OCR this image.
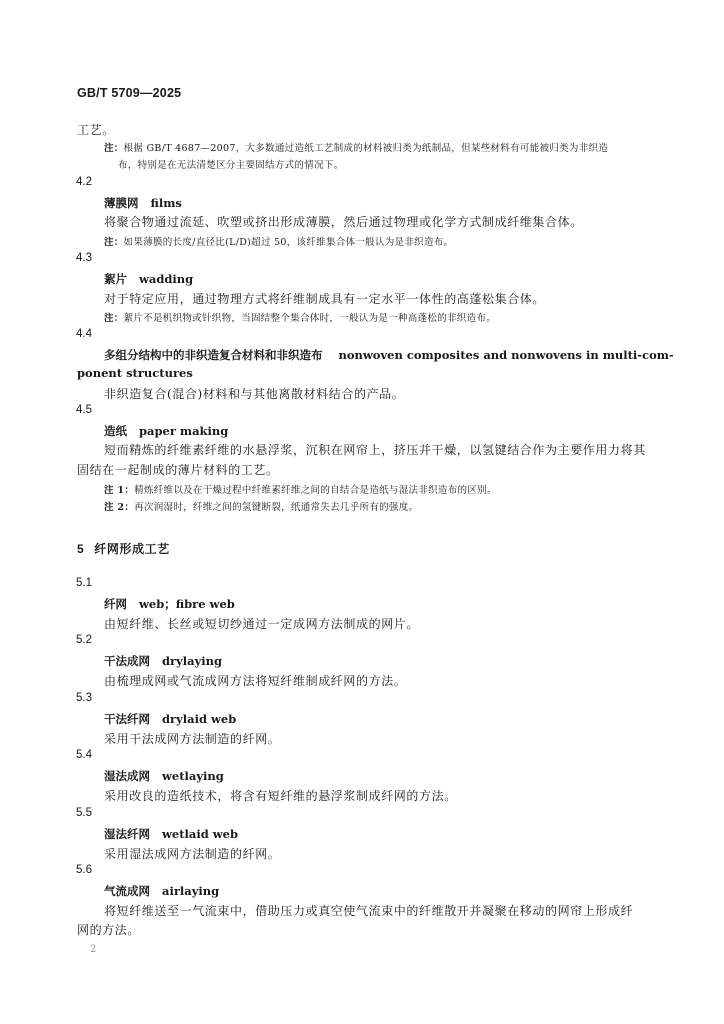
GB/T 5709—2025
工艺。
注：根据 GB/T 4687—2007，大多数通过造纸工艺制成的材料被归类为纸制品，但某些材料有可能被归类为非织造
布，特别是在无法清楚区分主要固结方式的情况下。
4.2
薄膜网 films
将聚合物通过流延、吹塑或挤出形成薄膜，然后通过物理或化学方式制成纤维集合体。
注：如果薄膜的长度/直径比(L/D)超过 50，该纤维集合体一般认为是非织造布。
4.3
絮片 wadding
对于特定应用，通过物理方式将纤维制成具有一定水平一体性的高蓬松集合体。
注：絮片不是机织物或针织物，当固结整个集合体时，一般认为是一种高蓬松的非织造布。
4.4
多组分结构中的非织造复合材料和非织造布 nonwoven composites and nonwovens in multi-com-
ponent structures
非织造复合(混合)材料和与其他离散材料结合的产品。
4.5
造纸 paper making
短而精炼的纤维素纤维的水悬浮浆，沉积在网帘上，挤压并干燥，以氢键结合作为主要作用力将其
固结在一起制成的薄片材料的工艺。
注 1：精炼纤维以及在干燥过程中纤维素纤维之间的自结合是造纸与湿法非织造布的区别。
注 2：再次润湿时，纤维之间的氢键断裂，纸通常失去几乎所有的强度。
5 纤网形成工艺
5.1
纤网 web；fibre web
由短纤维、长丝或短切纱通过一定成网方法制成的网片。
5.2
干法成网 drylaying
由梳理成网或气流成网方法将短纤维制成纤网的方法。
5.3
干法纤网 drylaid web
采用干法成网方法制造的纤网。
5.4
湿法成网 wetlaying
采用改良的造纸技术，将含有短纤维的悬浮浆制成纤网的方法。
5.5
湿法纤网 wetlaid web
采用湿法成网方法制造的纤网。
5.6
气流成网 airlaying
将短纤维送至一气流束中，借助压力或真空使气流束中的纤维散开并凝聚在移动的网帘上形成纤
网的方法。
2
